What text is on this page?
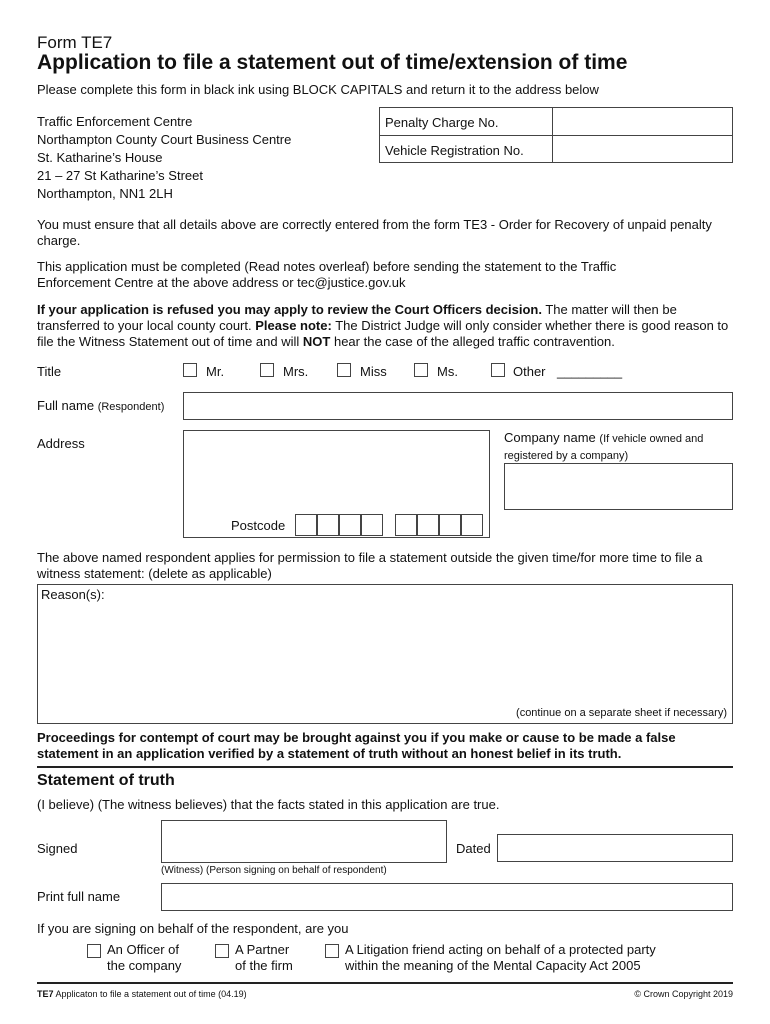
Form TE7
Application to file a statement out of time/extension of time
Please complete this form in black ink using BLOCK CAPITALS and return it to the address below
Traffic Enforcement Centre
Northampton County Court Business Centre
St. Katharine’s House
21 – 27 St Katharine’s Street
Northampton, NN1 2LH
Penalty Charge No.
Vehicle Registration No.
You must ensure that all details above are correctly entered from the form TE3 - Order for Recovery of unpaid penalty charge.
This application must be completed (Read notes overleaf) before sending the statement to the Traffic Enforcement Centre at the above address or tec@justice.gov.uk
If your application is refused you may apply to review the Court Officers decision. The matter will then be transferred to your local county court. Please note: The District Judge will only consider whether there is good reason to file the Witness Statement out of time and will NOT hear the case of the alleged traffic contravention.
Title	Mr.	Mrs.	Miss	Ms.	Other _________
Full name (Respondent)
Address
Postcode
Company name (If vehicle owned and registered by a company)
The above named respondent applies for permission to file a statement outside the given time/for more time to file a witness statement: (delete as applicable)
Reason(s):
(continue on a separate sheet if necessary)
Proceedings for contempt of court may be brought against you if you make or cause to be made a false statement in an application verified by a statement of truth without an honest belief in its truth.
Statement of truth
(I believe) (The witness believes) that the facts stated in this application are true.
Signed
(Witness) (Person signing on behalf of respondent)
Dated
Print full name
If you are signing on behalf of the respondent, are you
An Officer of
the company
A Partner
of the firm
A Litigation friend acting on behalf of a protected party
within the meaning of the Mental Capacity Act 2005
TE7 Applicaton to file a statement out of time (04.19)	© Crown Copyright 2019
